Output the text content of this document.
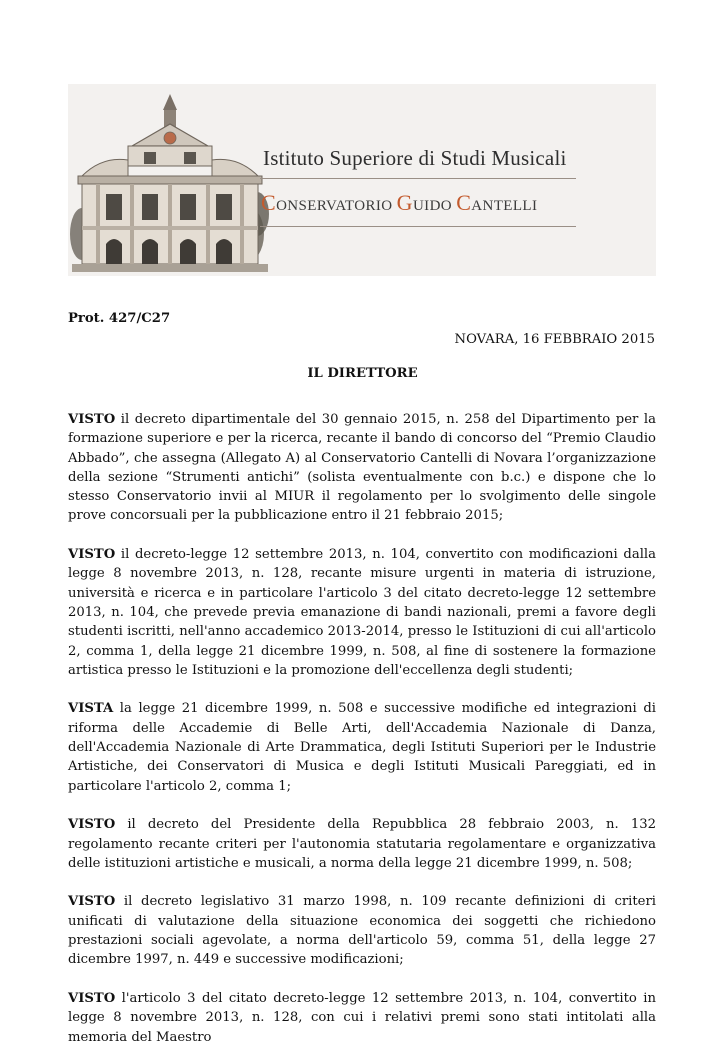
Istituto Superiore di Studi Musicali
CONSERVATORIO GUIDO CANTELLI
Prot. 427/C27
NOVARA, 16 FEBBRAIO 2015
IL DIRETTORE

VISTO il decreto dipartimentale del 30 gennaio 2015, n. 258 del Dipartimento per la formazione superiore e per la ricerca, recante il bando di concorso del “Premio Claudio Abbado”, che assegna (Allegato A) al Conservatorio Cantelli di Novara l’organizzazione della sezione “Strumenti antichi” (solista eventualmente con b.c.) e dispone che lo stesso Conservatorio invii al MIUR il regolamento per lo svolgimento delle singole prove concorsuali per la pubblicazione entro il 21 febbraio 2015;

VISTO il decreto-legge 12 settembre 2013, n. 104, convertito con modificazioni dalla legge 8 novembre 2013, n. 128, recante misure urgenti in materia di istruzione, università e ricerca e in particolare l'articolo 3 del citato decreto-legge 12 settembre 2013, n. 104, che prevede previa emanazione di bandi nazionali, premi a favore degli studenti iscritti, nell'anno accademico 2013-2014, presso le Istituzioni di cui all'articolo 2, comma 1, della legge 21 dicembre 1999, n. 508, al fine di sostenere la formazione artistica presso le Istituzioni e la promozione dell'eccellenza degli studenti;

VISTA la legge 21 dicembre 1999, n. 508 e successive modifiche ed integrazioni di riforma delle Accademie di Belle Arti, dell'Accademia Nazionale di Danza, dell'Accademia Nazionale di Arte Drammatica, degli Istituti Superiori per le Industrie Artistiche, dei Conservatori di Musica e degli Istituti Musicali Pareggiati, ed in particolare l'articolo 2, comma 1;

VISTO il decreto del Presidente della Repubblica 28 febbraio 2003, n. 132 regolamento recante criteri per l'autonomia statutaria regolamentare e organizzativa delle istituzioni artistiche e musicali, a norma della legge 21 dicembre 1999, n. 508;

VISTO il decreto legislativo 31 marzo 1998, n. 109 recante definizioni di criteri unificati di valutazione della situazione economica dei soggetti che richiedono prestazioni sociali agevolate, a norma dell'articolo 59, comma 51, della legge 27 dicembre 1997, n. 449 e successive modificazioni;

VISTO l'articolo 3 del citato decreto-legge 12 settembre 2013, n. 104, convertito in legge 8 novembre 2013, n. 128, con cui i relativi premi sono stati intitolati alla memoria del Maestro
